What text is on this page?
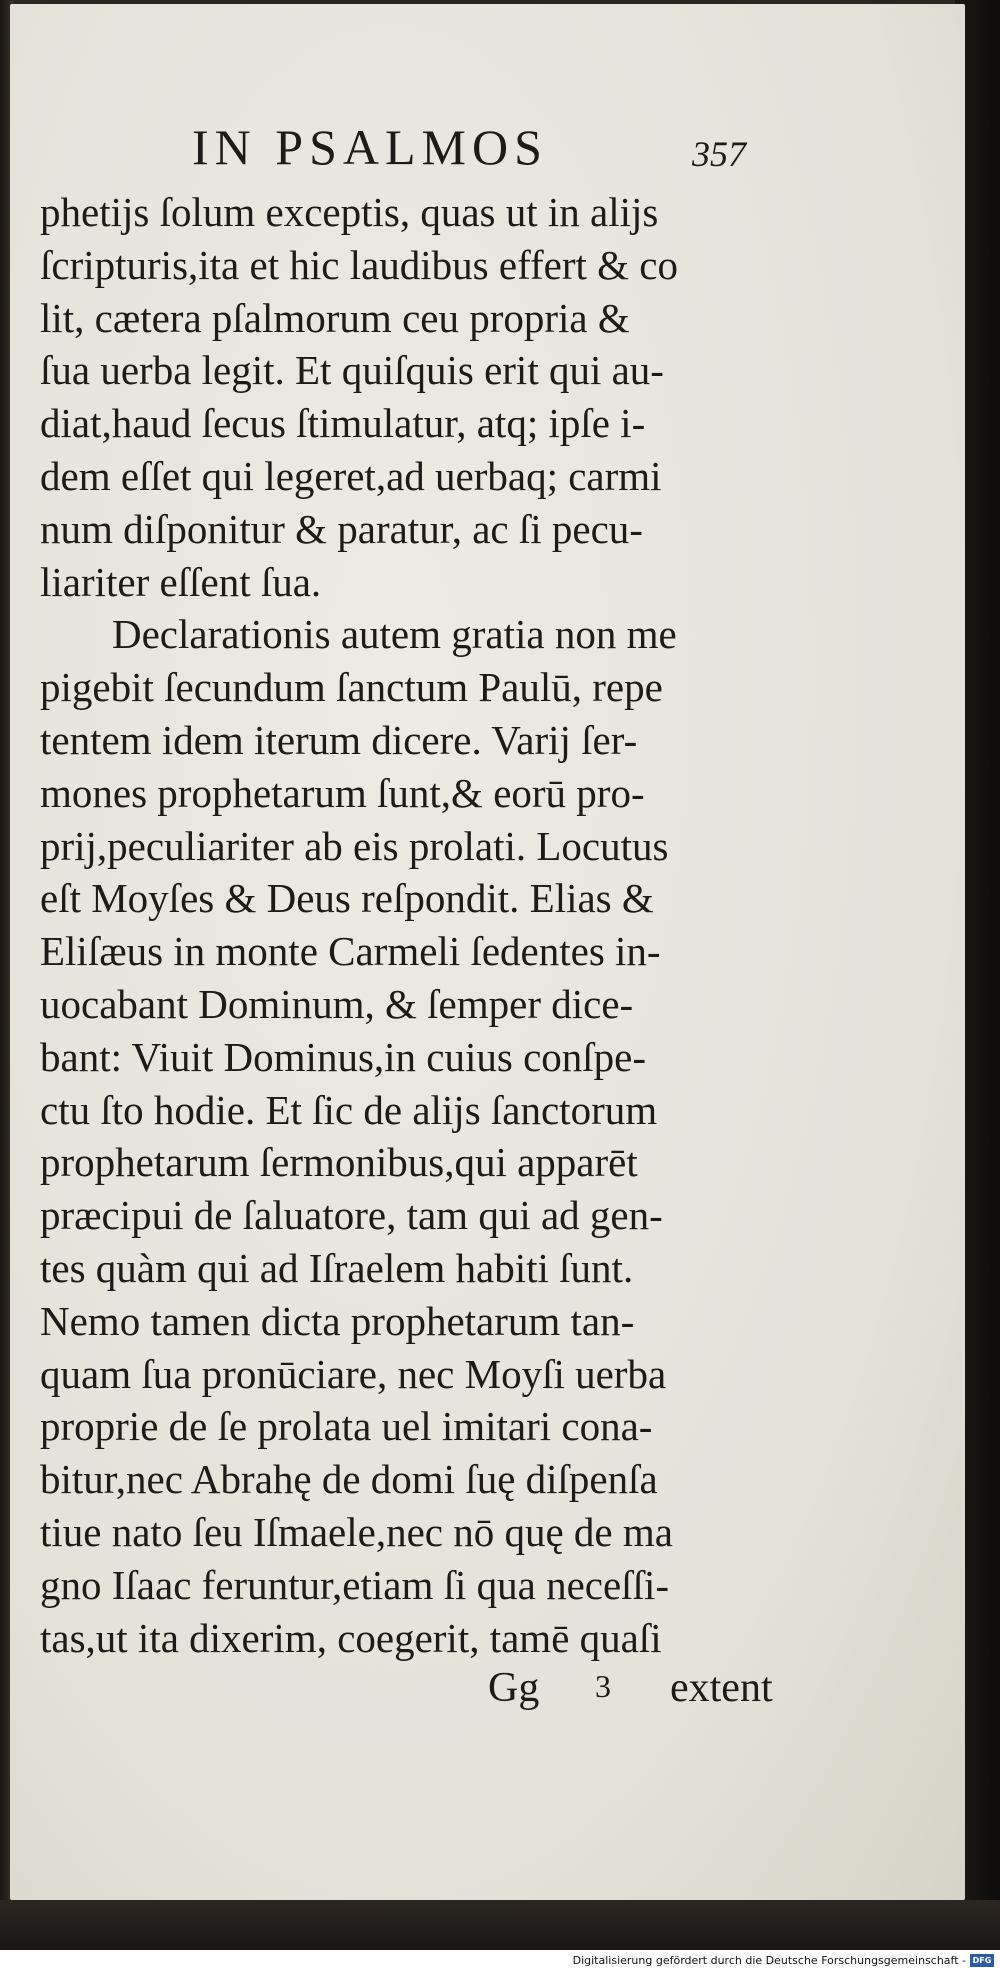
IN PSALMOS	357
phetijs ſolum exceptis, quas ut in alijs
ſcripturis,ita et hic laudibus effert & co
lit, cætera pſalmorum ceu propria &
ſua uerba legit. Et quiſquis erit qui au-
diat,haud ſecus ſtimulatur, atq; ipſe i-
dem eſſet qui legeret,ad uerbaq; carmi
num diſponitur & paratur, ac ſi pecu-
liariter eſſent ſua.
Declarationis autem gratia non me
pigebit ſecundum ſanctum Paulū, repe
tentem idem iterum dicere. Varij ſer-
mones prophetarum ſunt,& eorū pro-
prij,peculiariter ab eis prolati. Locutus
eſt Moyſes & Deus reſpondit. Elias &
Eliſæus in monte Carmeli ſedentes in-
uocabant Dominum, & ſemper dice-
bant: Viuit Dominus,in cuius conſpe-
ctu ſto hodie. Et ſic de alijs ſanctorum
prophetarum ſermonibus,qui apparēt
præcipui de ſaluatore, tam qui ad gen-
tes quàm qui ad Iſraelem habiti ſunt.
Nemo tamen dicta prophetarum tan-
quam ſua pronūciare, nec Moyſi uerba
proprie de ſe prolata uel imitari cona-
bitur,nec Abrahę de domi ſuę diſpenſa
tiue nato ſeu Iſmaele,nec nō quę de ma
gno Iſaac feruntur,etiam ſi qua neceſſi-
tas,ut ita dixerim, coegerit, tamē quaſi
Gg 3 extent
Digitalisierung gefördert durch die Deutsche Forschungsgemeinschaft - DFG
